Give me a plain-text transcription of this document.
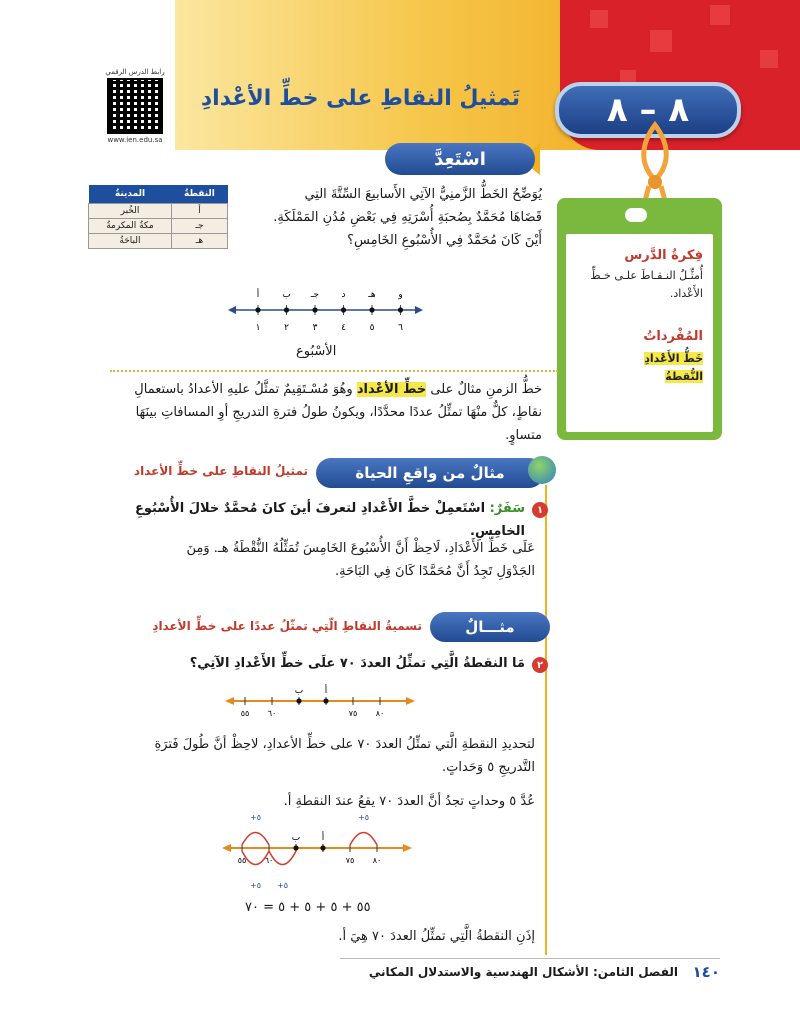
رابط الدرس الرقمي
www.ien.edu.sa
٨ – ٨
تَمثيلُ النقاطِ على خطِّ الأعْدادِ
فِكرةُ الدَّرس
أُمثِّـلُ النـقـاطَ علـى خـطِّ الأَعْداد.
المُفْرداتُ
خَطُّ الأَعْدادِ
النُّقطةُ
اسْتَعِدَّ
يُوَضِّحُ الخَطُّ الزَّمنِيُّ الآتِي الأَسابيعَ السِّتَّةَ التِي
قَضَاهَا مُحَمَّدٌ بِصُحبَةِ أُسْرَتِهِ فِي بَعْضِ مُدُنِ المَمْلَكَةِ.
أَيْنَ كَانَ مُحَمَّدٌ فِي الأُسْبُوعِ الخَامِسِ؟
النقطةُ	المدينةُ
أ	الخُبر
جـ	مكةُ المكرمةُ
هـ	الباحَةُ
أ
١
ب
٢
جـ
٣
د
٤
هـ
٥
و
٦
الأسْبُوع
خطُّ الزمنِ مثالٌ على خطِّ الأعْداد وهُوَ مُسْـتَقِيمٌ تمثَّلُ عليهِ الأعدادُ باستعمالِ
نقاطٍ، كلٌّ منْهَا تمثِّلُ عددًا محدَّدًا، ويكونُ طولُ فترةِ التدريجِ أوِ المسافاتِ بينَهَا
متساوٍ.
مثالٌ من واقعِ الحياة
تمثيلُ النقاطِ على خطِّ الأعداد
١
سَفَرٌ: اسْتَعمِلْ خطَّ الأَعْدادِ لتعرفَ أينَ كانَ مُحمَّدٌ خلالَ الأُسْبُوعِ الخامِسِ.
عَلَى خَطِّ الأَعْدَادِ، لَاحِظْ أَنَّ الأُسْبُوعَ الخَامِسَ تُمَثِّلُهُ النُّقْطَةُ هـ. وَمِنَ
الجَدْوَلِ تَجِدُ أَنَّ مُحَمَّدًا كَانَ فِي البَاحَةِ.
مثـــالٌ
تسميةُ النقاطِ الّتِي تمثّلُ عددًا على خطِّ الأعدادِ
٢
مَا النقطةُ الَّتِي تمثِّلُ العددَ ٧٠ علَى خطِّ الأَعْدادِ الآتِي؟
٥٥ ٦٠	٧٥ ٨٠
أ
ب
لتحديدِ النقطةِ الَّتي تمثِّلُ العددَ ٧٠ على خطِّ الأعدادِ، لاحِظْ أنَّ طُولَ فَترَةِ
التَّدريجِ ٥ وَحَداتٍ.
عُدَّ ٥ وحداتٍ تجدُ أنَّ العددَ ٧٠ يقعُ عندَ النقطةِ أ.
٥٥ ٦٠	٧٥ ٨٠
أ
ب
٥+ ٥+
٥+	٥+
٥٥ + ٥ + ٥ + ٥ = ٧٠
إذَنِ النقطةُ الَّتِي تمثِّلُ العددَ ٧٠ هِيَ أ.
١٤٠
الفصل الثامن: الأشكال الهندسية والاستدلال المكاني
